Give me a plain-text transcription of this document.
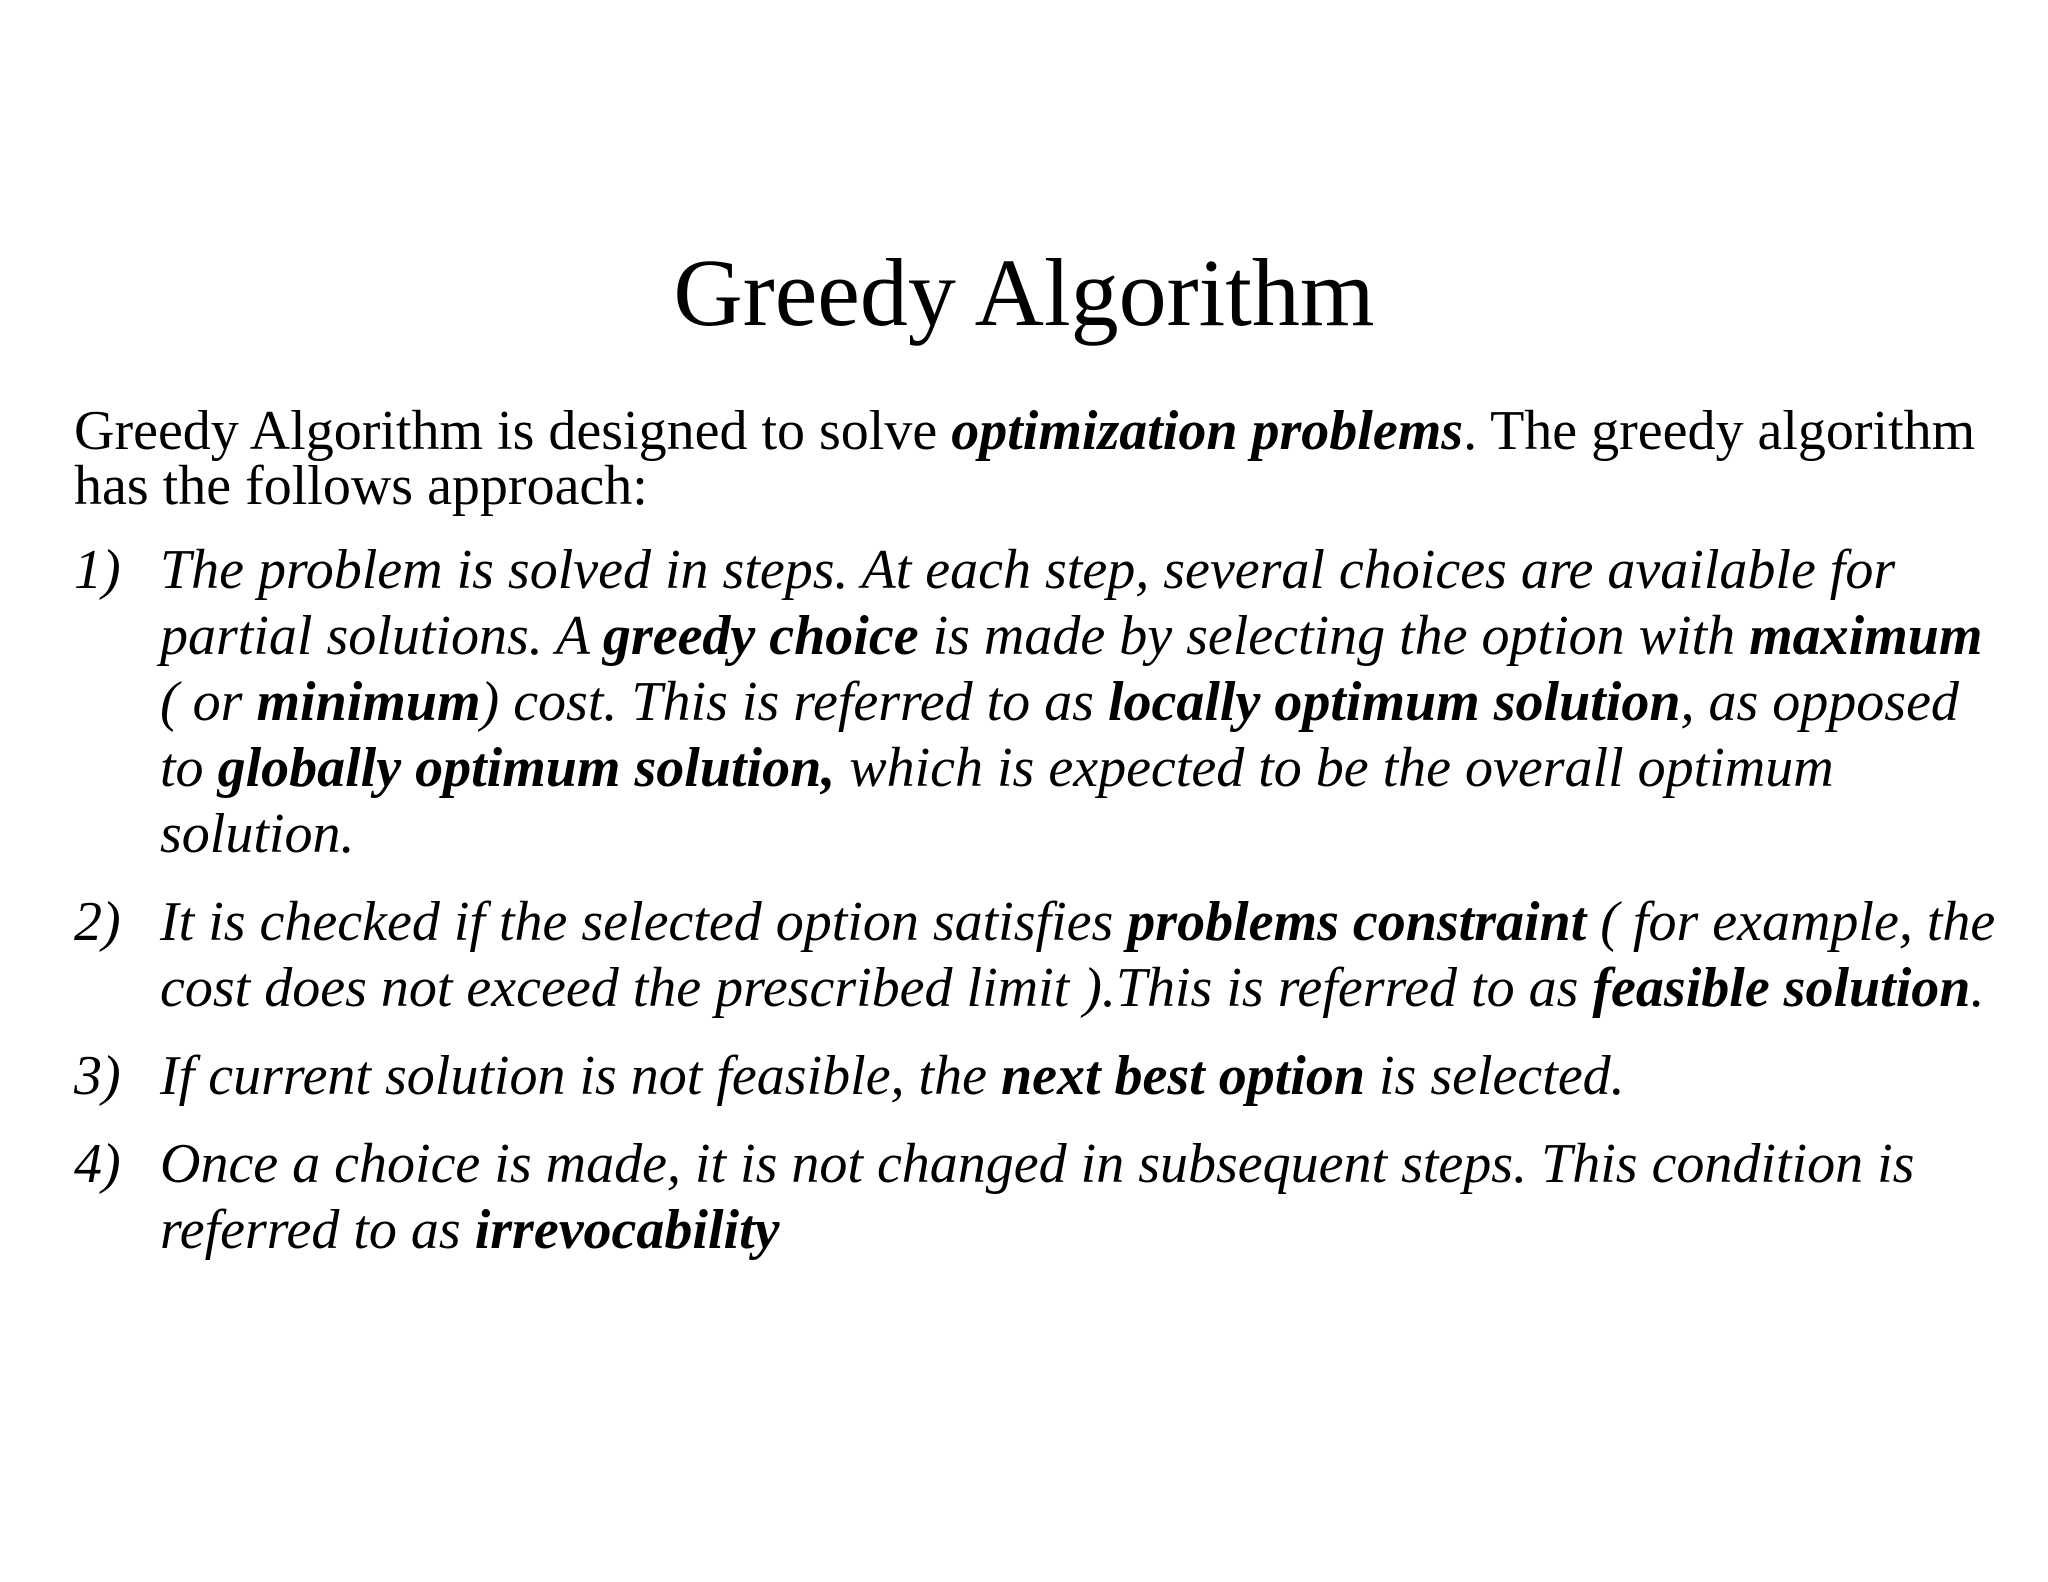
Greedy Algorithm

Greedy Algorithm is designed to solve optimization problems. The greedy algorithm has the follows approach:

1) The problem is solved in steps. At each step, several choices are available for partial solutions. A greedy choice is made by selecting the option with maximum ( or minimum) cost. This is referred to as locally optimum solution, as opposed to globally optimum solution, which is expected to be the overall optimum solution.
2) It is checked if the selected option satisfies problems constraint ( for example, the cost does not exceed the prescribed limit ).This is referred to as feasible solution.
3) If current solution is not feasible, the next best option is selected.
4) Once a choice is made, it is not changed in subsequent steps. This condition is referred to as irrevocability
